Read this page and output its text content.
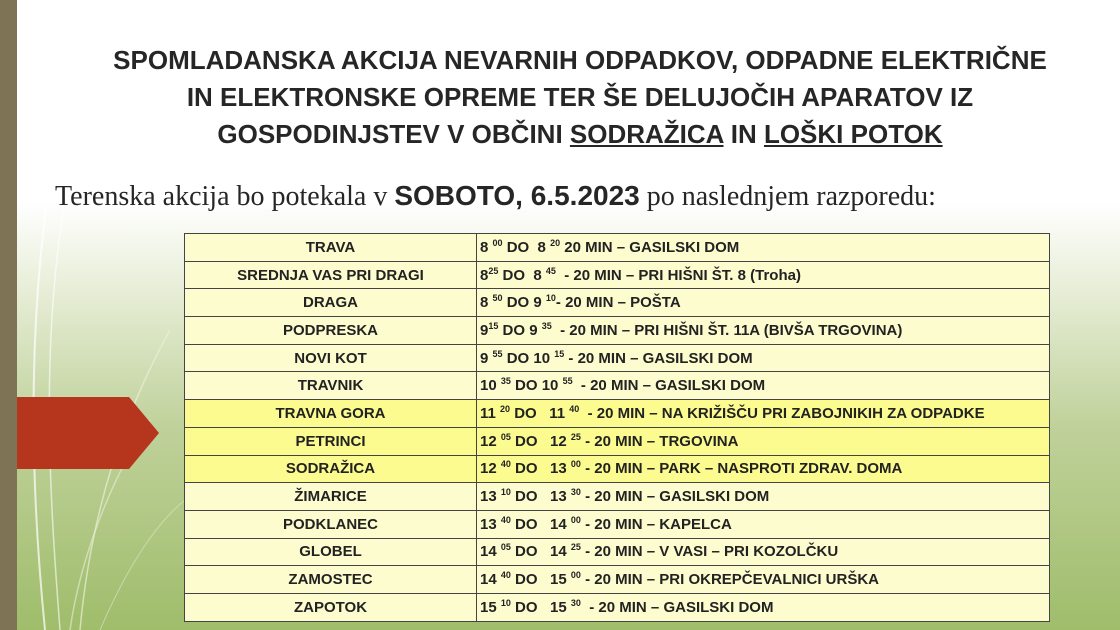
SPOMLADANSKA AKCIJA NEVARNIH ODPADKOV, ODPADNE ELEKTRIČNE
IN ELEKTRONSKE OPREME TER ŠE DELUJOČIH APARATOV IZ
GOSPODINJSTEV V OBČINI SODRAŽICA IN LOŠKI POTOK
Terenska akcija bo potekala v SOBOTO, 6.5.2023 po naslednjem razporedu:
TRAVA	8 $^{00}$ DO  8 $^{20}$ 20 MIN – GASILSKI DOM
SREDNJA VAS PRI DRAGI	$8^{25}$ DO  8 $^{45}$  - 20 MIN – PRI HIŠNI ŠT. 8 (Troha)
DRAGA	8 $^{50}$ DO 9 $^{10}$- 20 MIN – POŠTA
PODPRESKA	$9^{15}$ DO 9 $^{35}$  - 20 MIN – PRI HIŠNI ŠT. 11A (BIVŠA TRGOVINA)
NOVI KOT	9 $^{55}$ DO 10 $^{15}$ - 20 MIN – GASILSKI DOM
TRAVNIK	10 $^{35}$ DO 10 $^{55}$  - 20 MIN – GASILSKI DOM
TRAVNA GORA	11 $^{20}$ DO   11 $^{40}$  - 20 MIN – NA KRIŽIŠČU PRI ZABOJNIKIH ZA ODPADKE
PETRINCI	12 $^{05}$ DO   12 $^{25}$ - 20 MIN – TRGOVINA
SODRAŽICA	12 $^{40}$ DO   13 $^{00}$ - 20 MIN – PARK – NASPROTI ZDRAV. DOMA
ŽIMARICE	13 $^{10}$ DO   13 $^{30}$ - 20 MIN – GASILSKI DOM
PODKLANEC	13 $^{40}$ DO   14 $^{00}$ - 20 MIN – KAPELCA
GLOBEL	14 $^{05}$ DO   14 $^{25}$ - 20 MIN – V VASI – PRI KOZOLČKU
ZAMOSTEC	14 $^{40}$ DO   15 $^{00}$ - 20 MIN – PRI OKREPČEVALNICI URŠKA
ZAPOTOK	15 $^{10}$ DO   15 $^{30}$  - 20 MIN – GASILSKI DOM
